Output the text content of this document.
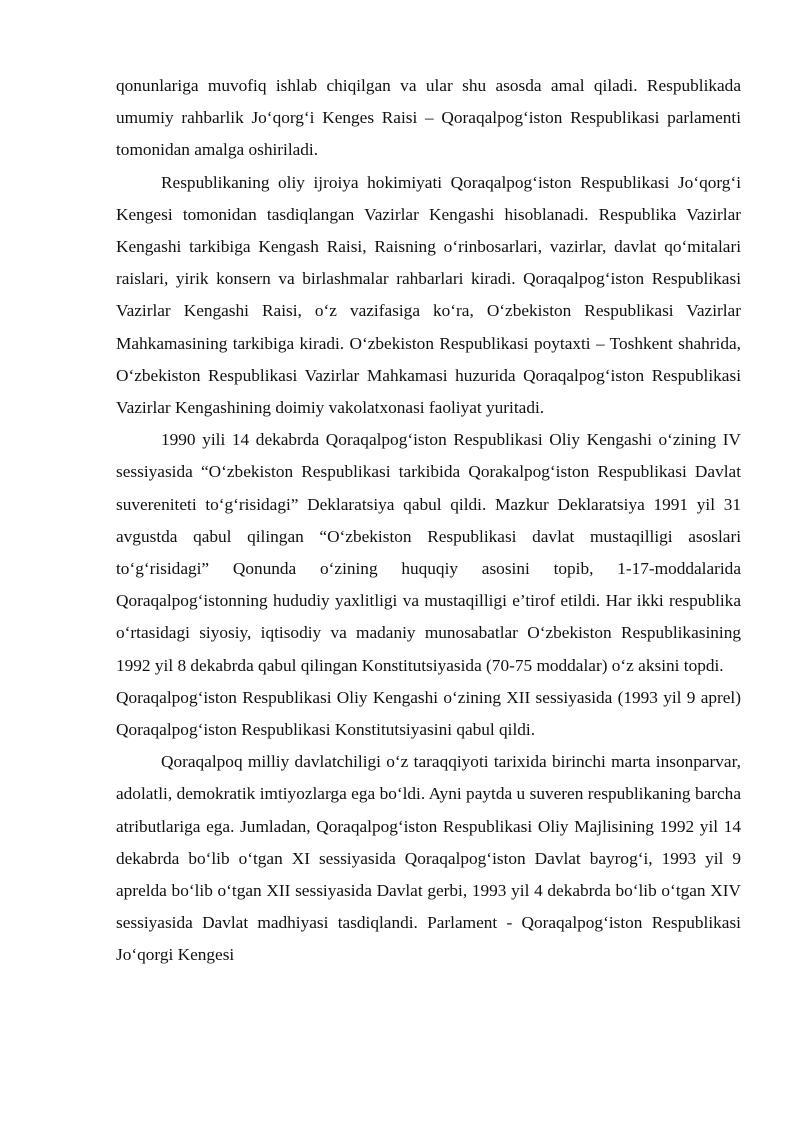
qonunlariga muvofiq ishlab chiqilgan va ular shu asosda amal qiladi. Respublikada umumiy rahbarlik Jo‘qorg‘i Kenges Raisi – Qoraqalpog‘iston Respublikasi parlamenti tomonidan amalga oshiriladi.

Respublikaning oliy ijroiya hokimiyati Qoraqalpog‘iston Respublikasi Jo‘qorg‘i Kengesi tomonidan tasdiqlangan Vazirlar Kengashi hisoblanadi. Respublika Vazirlar Kengashi tarkibiga Kengash Raisi, Raisning o‘rinbosarlari, vazirlar, davlat qo‘mitalari raislari, yirik konsern va birlashmalar rahbarlari kiradi. Qoraqalpog‘iston Respublikasi Vazirlar Kengashi Raisi, o‘z vazifasiga ko‘ra, O‘zbekiston Respublikasi Vazirlar Mahkamasining tarkibiga kiradi. O‘zbekiston Respublikasi poytaxti – Toshkent shahrida, O‘zbekiston Respublikasi Vazirlar Mahkamasi huzurida Qoraqalpog‘iston Respublikasi Vazirlar Kengashining doimiy vakolatxonasi faoliyat yuritadi.

1990 yili 14 dekabrda Qoraqalpog‘iston Respublikasi Oliy Kengashi o‘zining IV sessiyasida “O‘zbekiston Respublikasi tarkibida Qorakalpog‘iston Respublikasi Davlat suvereniteti to‘g‘risidagi” Deklaratsiya qabul qildi. Mazkur Deklaratsiya 1991 yil 31 avgustda qabul qilingan “O‘zbekiston Respublikasi davlat mustaqilligi asoslari to‘g‘risidagi” Qonunda o‘zining huquqiy asosini topib, 1-17-moddalarida Qoraqalpog‘istonning hududiy yaxlitligi va mustaqilligi e’tirof etildi. Har ikki respublika o‘rtasidagi siyosiy, iqtisodiy va madaniy munosabatlar O‘zbekiston Respublikasining 1992 yil 8 dekabrda qabul qilingan Konstitutsiyasida (70-75 moddalar) o‘z aksini topdi.

Qoraqalpog‘iston Respublikasi Oliy Kengashi o‘zining XII sessiyasida (1993 yil 9 aprel) Qoraqalpog‘iston Respublikasi Konstitutsiyasini qabul qildi.

Qoraqalpoq milliy davlatchiligi o‘z taraqqiyoti tarixida birinchi marta insonparvar, adolatli, demokratik imtiyozlarga ega bo‘ldi. Ayni paytda u suveren respublikaning barcha atributlariga ega. Jumladan, Qoraqalpog‘iston Respublikasi Oliy Majlisining 1992 yil 14 dekabrda bo‘lib o‘tgan XI sessiyasida Qoraqalpog‘iston Davlat bayrog‘i, 1993 yil 9 aprelda bo‘lib o‘tgan XII sessiyasida Davlat gerbi, 1993 yil 4 dekabrda bo‘lib o‘tgan XIV sessiyasida Davlat madhiyasi tasdiqlandi. Parlament - Qoraqalpog‘iston Respublikasi Jo‘qorgi Kengesi
